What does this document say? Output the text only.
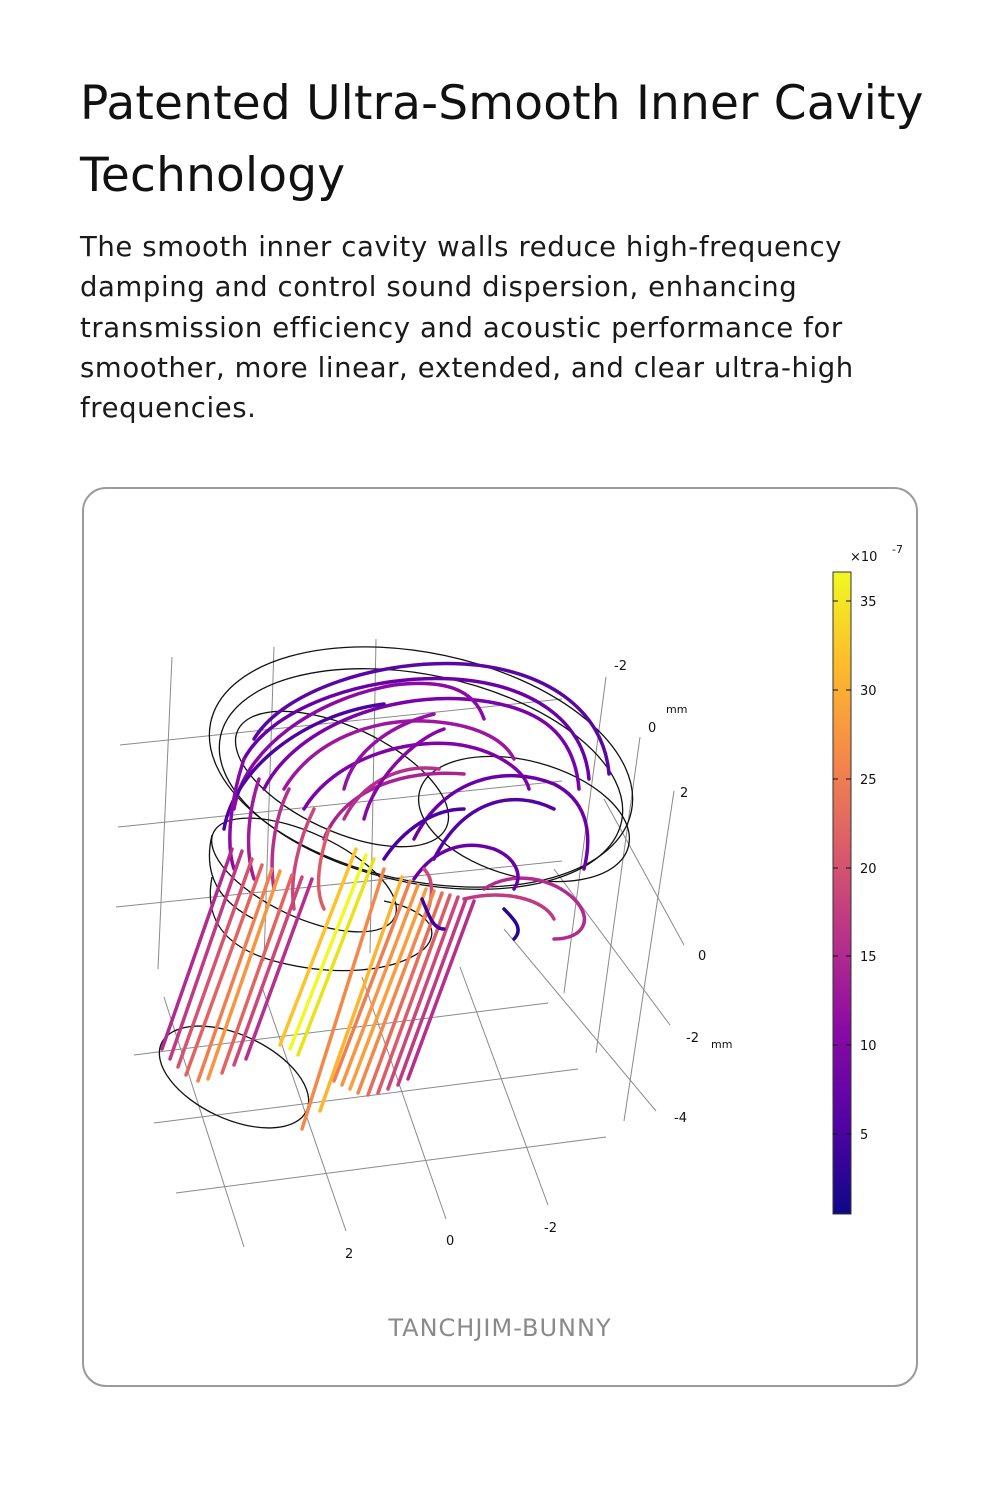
Patented Ultra-Smooth Inner Cavity Technology

The smooth inner cavity walls reduce high-frequency damping and control sound dispersion, enhancing transmission efficiency and acoustic performance for smoother, more linear, extended, and clear ultra-high frequencies.

-2
0
2
mm
0
-2
-4
mm
2
0
-2
×10
-7
35
30
25
20
15
10
5
TANCHJIM-BUNNY
